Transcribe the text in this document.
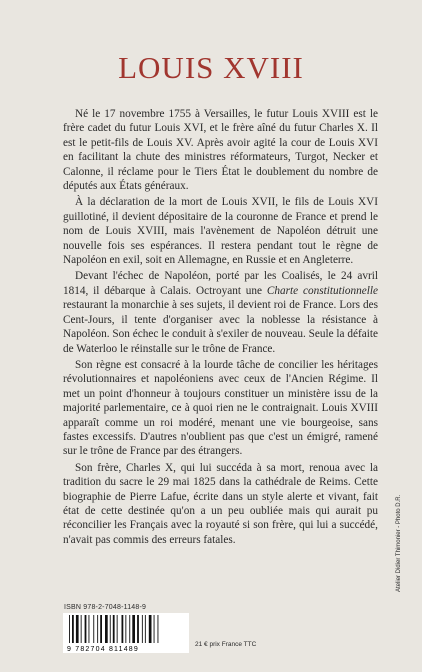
LOUIS XVIII

Né le 17 novembre 1755 à Versailles, le futur Louis XVIII est le frère cadet du futur Louis XVI, et le frère aîné du futur Charles X. Il est le petit-fils de Louis XV. Après avoir agité la cour de Louis XVI en facilitant la chute des ministres réformateurs, Turgot, Necker et Calonne, il réclame pour le Tiers État le doublement du nombre de députés aux États généraux.

À la déclaration de la mort de Louis XVII, le fils de Louis XVI guillotiné, il devient dépositaire de la couronne de France et prend le nom de Louis XVIII, mais l'avènement de Napoléon détruit une nouvelle fois ses espérances. Il restera pendant tout le règne de Napoléon en exil, soit en Allemagne, en Russie et en Angleterre.

Devant l'échec de Napoléon, porté par les Coalisés, le 24 avril 1814, il débarque à Calais. Octroyant une Charte constitutionnelle restaurant la monarchie à ses sujets, il devient roi de France. Lors des Cent-Jours, il tente d'organiser avec la noblesse la résistance à Napoléon. Son échec le conduit à s'exiler de nouveau. Seule la défaite de Waterloo le réinstalle sur le trône de France.

Son règne est consacré à la lourde tâche de concilier les héritages révolutionnaires et napoléoniens avec ceux de l'Ancien Régime. Il met un point d'honneur à toujours constituer un ministère issu de la majorité parlementaire, ce à quoi rien ne le contraignait. Louis XVIII apparaît comme un roi modéré, menant une vie bourgeoise, sans fastes excessifs. D'autres n'oublient pas que c'est un émigré, ramené sur le trône de France par des étrangers.

Son frère, Charles X, qui lui succéda à sa mort, renoua avec la tradition du sacre le 29 mai 1825 dans la cathédrale de Reims. Cette biographie de Pierre Lafue, écrite dans un style alerte et vivant, fait état de cette destinée qu'on a un peu oubliée mais qui aurait pu réconcilier les Français avec la royauté si son frère, qui lui a succédé, n'avait pas commis des erreurs fatales.

ISBN 978-2-7048-1148-9
9 782704 811489
21 € prix France TTC
Atelier Didier Thimonier - Photo D.R.
